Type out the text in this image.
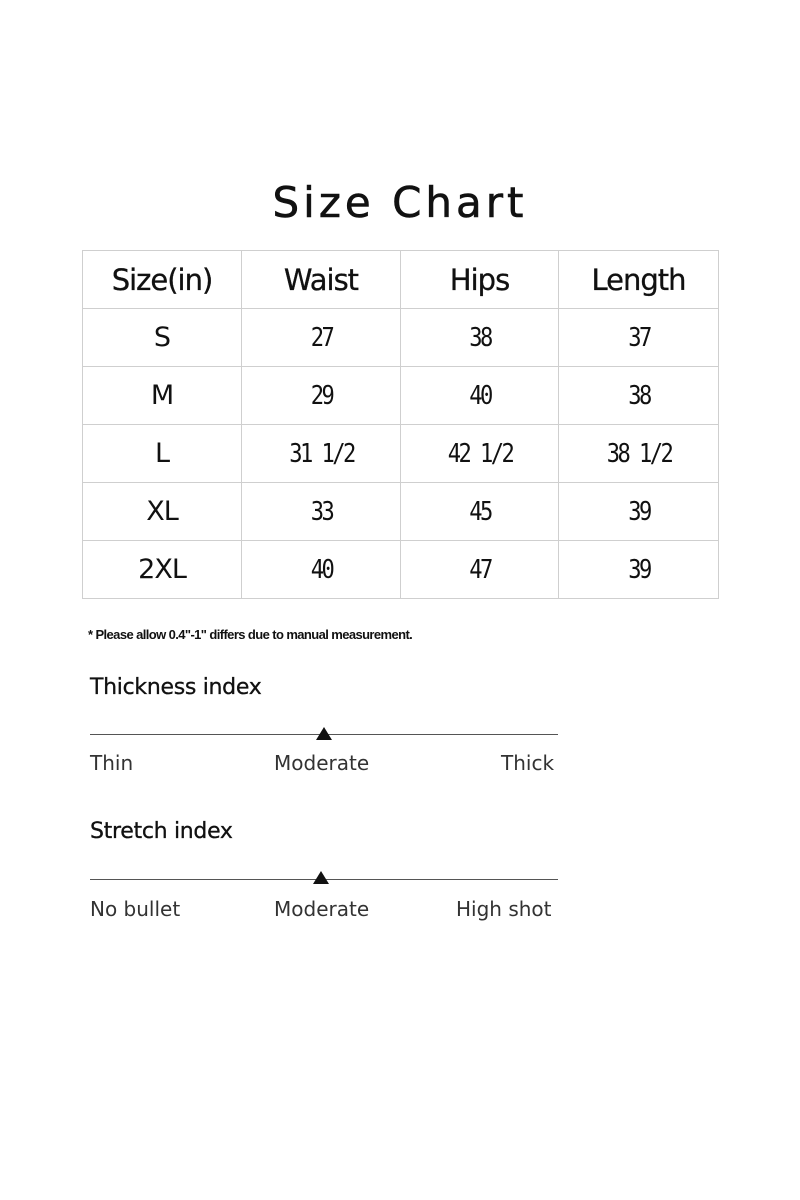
Size Chart
Size(in)	Waist	Hips	Length
S	27	38	37
M	29	40	38
L	31 1/2	42 1/2	38 1/2
XL	33	45	39
2XL	40	47	39
* Please allow 0.4"-1" differs due to manual measurement.
Thickness index
Thin	Moderate	Thick
Stretch index
No bullet	Moderate	High shot
